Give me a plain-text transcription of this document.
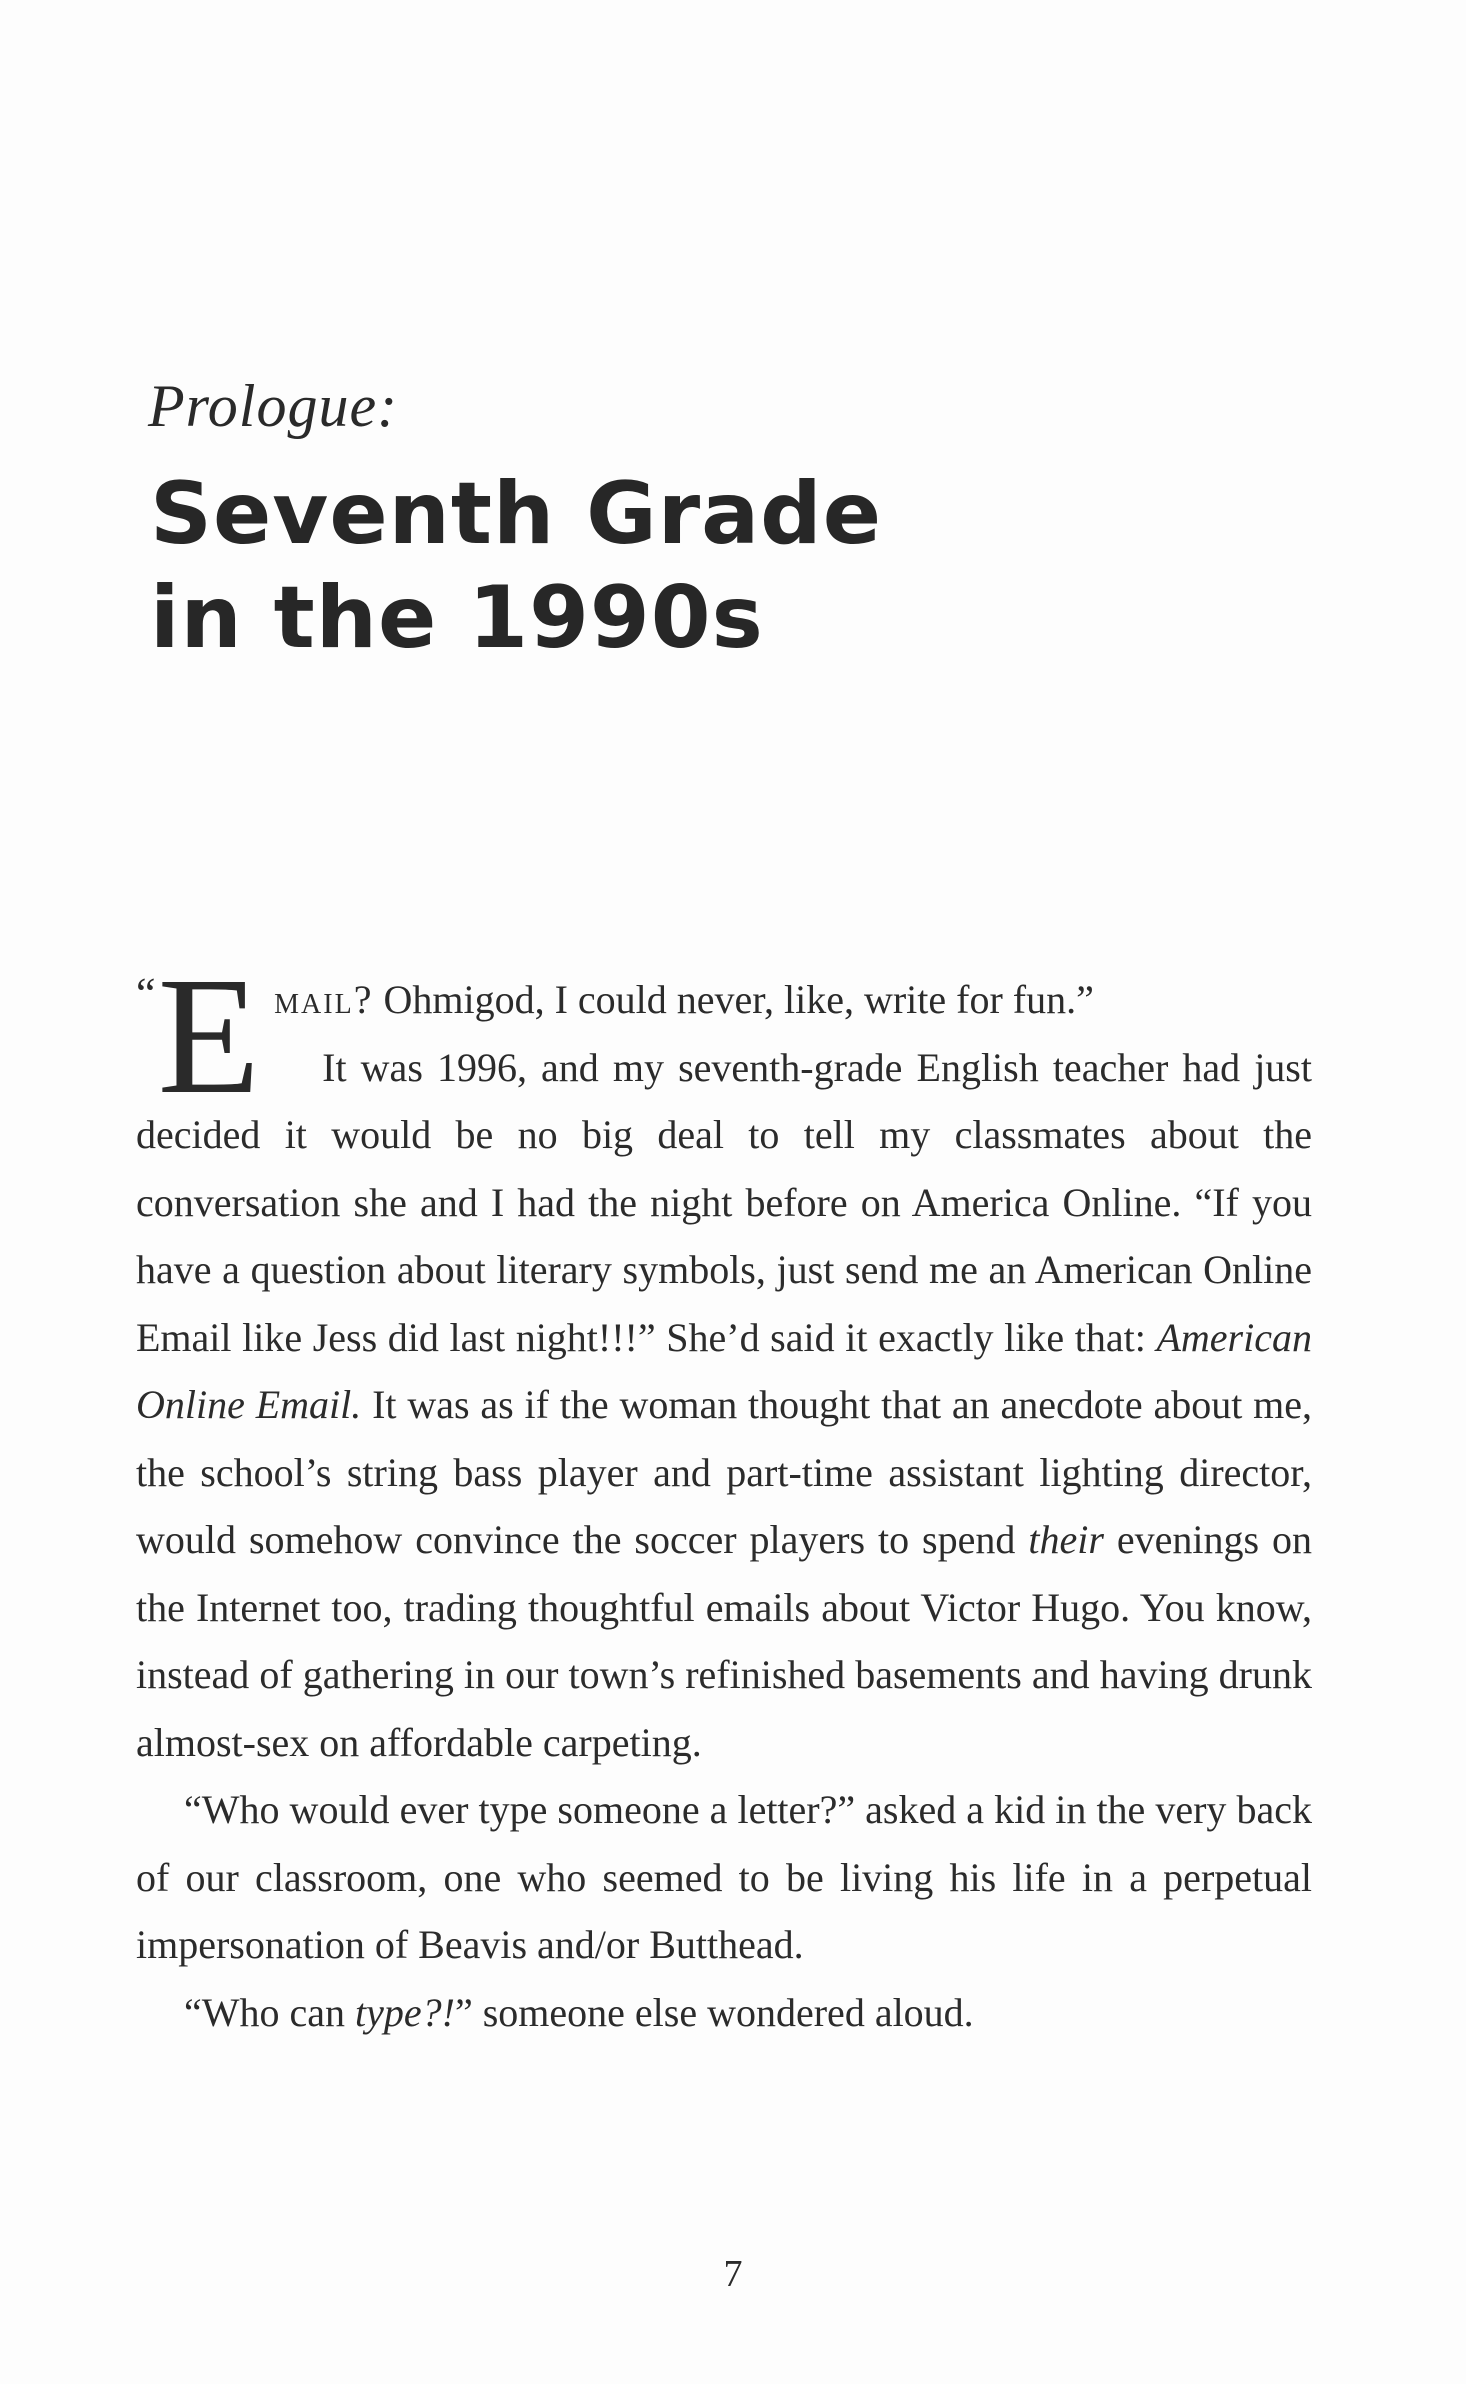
Prologue:

Seventh Grade
in the 1990s

“ E mail? Ohmigod, I could never, like, write for fun.”

It was 1996, and my seventh-grade English teacher had just decided it would be no big deal to tell my classmates about the conversation she and I had the night before on America Online. “If you have a question about literary symbols, just send me an American Online Email like Jess did last night!!!” She’d said it exactly like that: American Online Email. It was as if the woman thought that an anecdote about me, the school’s string bass player and part-time assistant lighting director, would somehow convince the soccer players to spend their evenings on the Internet too, trading thoughtful emails about Victor Hugo. You know, instead of gathering in our town’s refinished basements and having drunk almost-sex on affordable carpeting.

“Who would ever type someone a letter?” asked a kid in the very back of our classroom, one who seemed to be living his life in a perpetual impersonation of Beavis and/or Butthead.

“Who can type?!” someone else wondered aloud.

7
